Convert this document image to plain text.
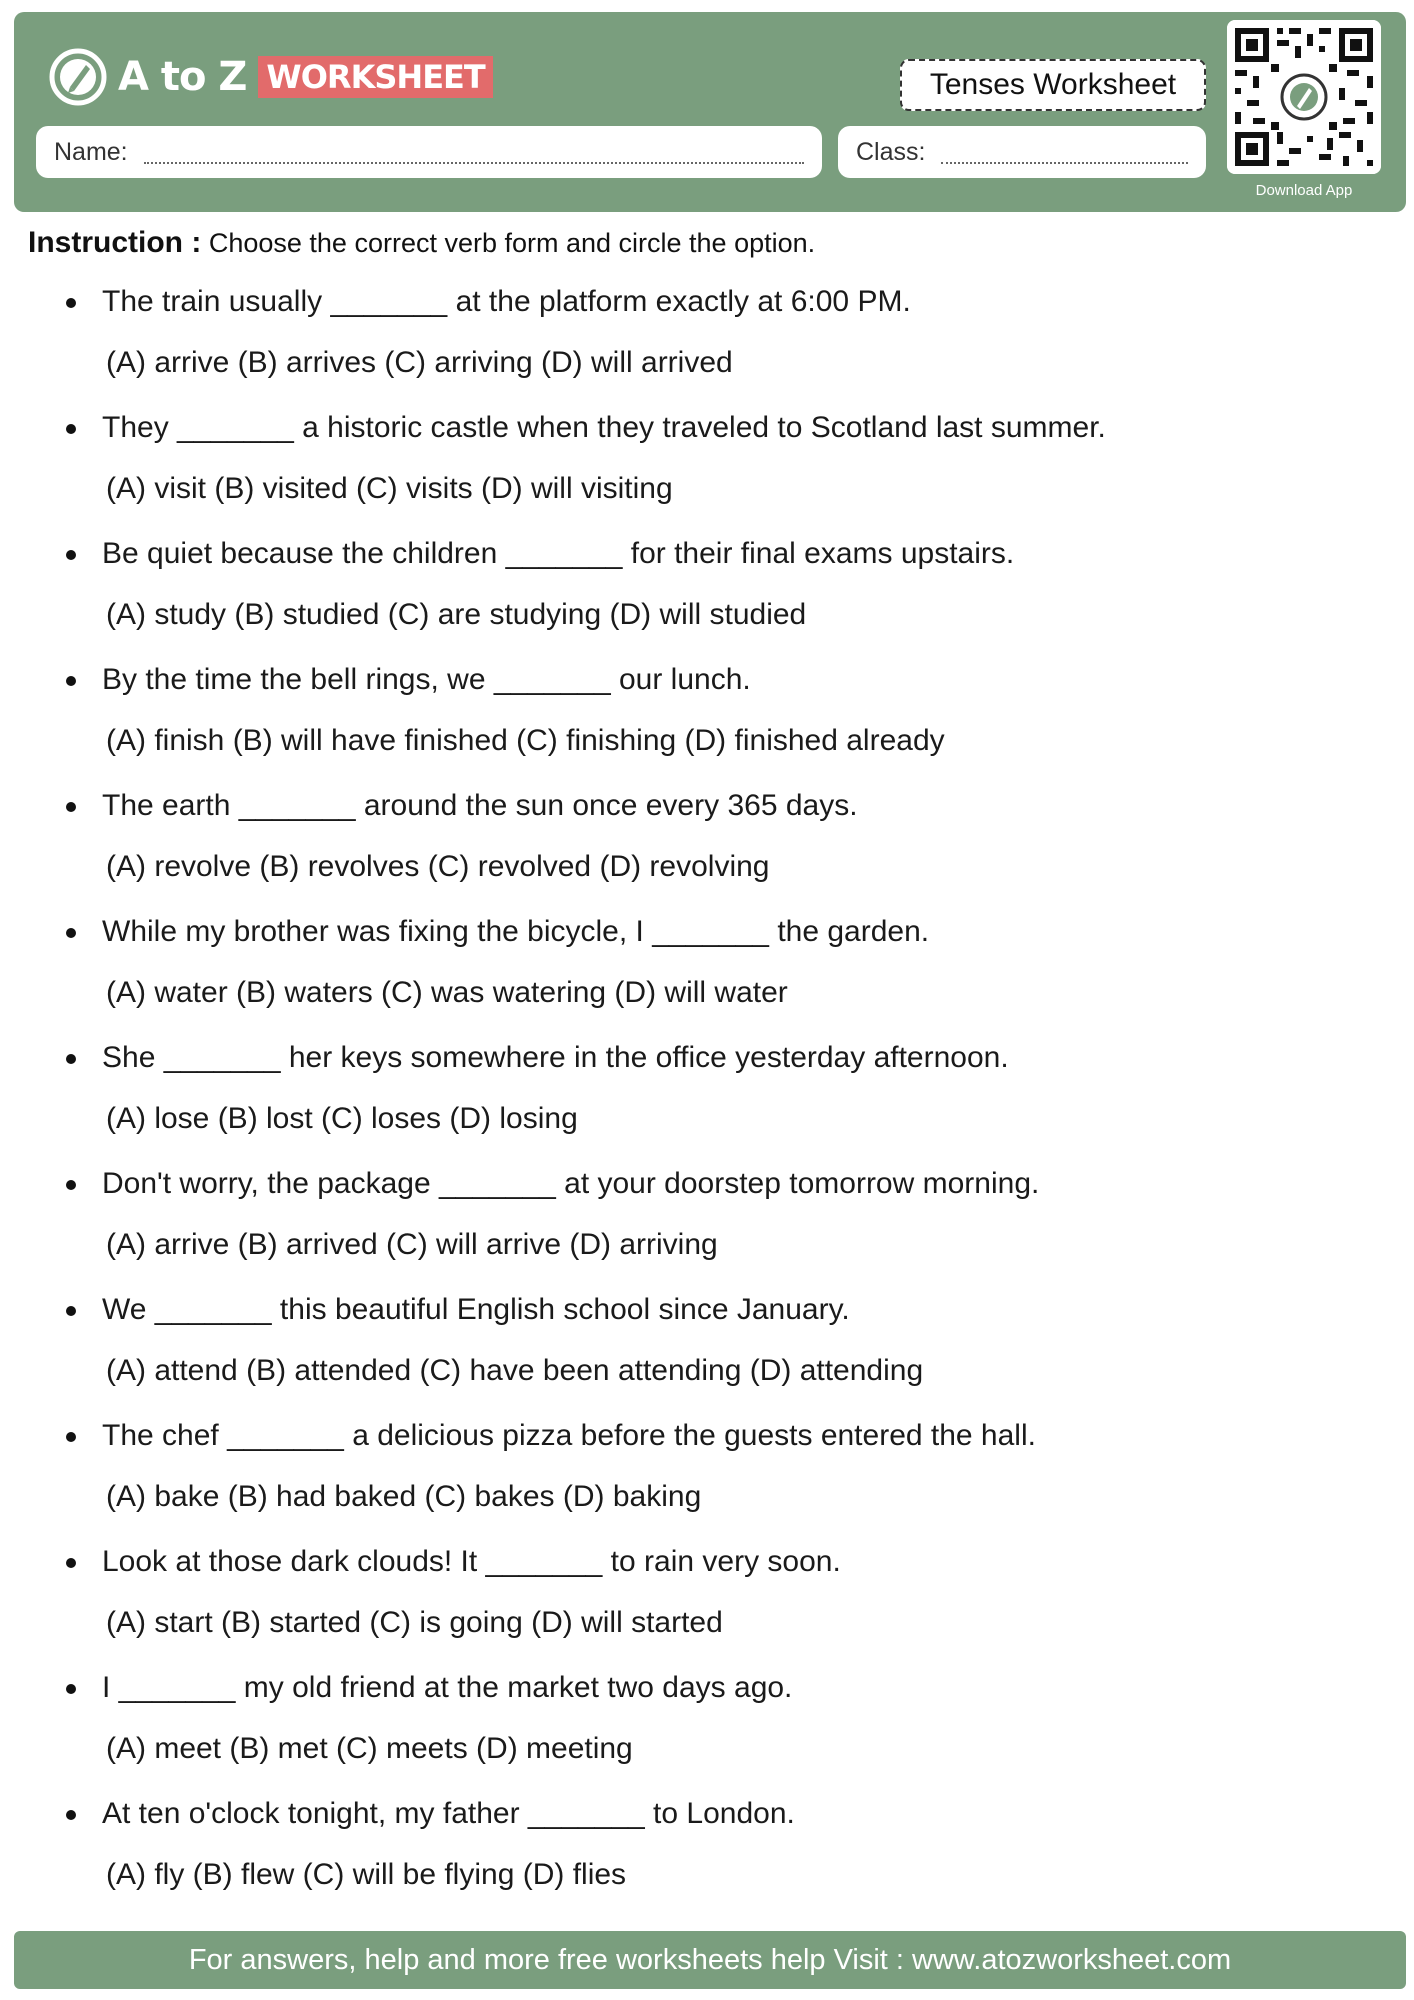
A to Z WORKSHEET	Tenses Worksheet
Name:	Class:
Download App
Instruction : Choose the correct verb form and circle the option.
The train usually _______ at the platform exactly at 6:00 PM.
(A) arrive (B) arrives (C) arriving (D) will arrived
They _______ a historic castle when they traveled to Scotland last summer.
(A) visit (B) visited (C) visits (D) will visiting
Be quiet because the children _______ for their final exams upstairs.
(A) study (B) studied (C) are studying (D) will studied
By the time the bell rings, we _______ our lunch.
(A) finish (B) will have finished (C) finishing (D) finished already
The earth _______ around the sun once every 365 days.
(A) revolve (B) revolves (C) revolved (D) revolving
While my brother was fixing the bicycle, I _______ the garden.
(A) water (B) waters (C) was watering (D) will water
She _______ her keys somewhere in the office yesterday afternoon.
(A) lose (B) lost (C) loses (D) losing
Don't worry, the package _______ at your doorstep tomorrow morning.
(A) arrive (B) arrived (C) will arrive (D) arriving
We _______ this beautiful English school since January.
(A) attend (B) attended (C) have been attending (D) attending
The chef _______ a delicious pizza before the guests entered the hall.
(A) bake (B) had baked (C) bakes (D) baking
Look at those dark clouds! It _______ to rain very soon.
(A) start (B) started (C) is going (D) will started
I _______ my old friend at the market two days ago.
(A) meet (B) met (C) meets (D) meeting
At ten o'clock tonight, my father _______ to London.
(A) fly (B) flew (C) will be flying (D) flies
For answers, help and more free worksheets help Visit : www.atozworksheet.com
